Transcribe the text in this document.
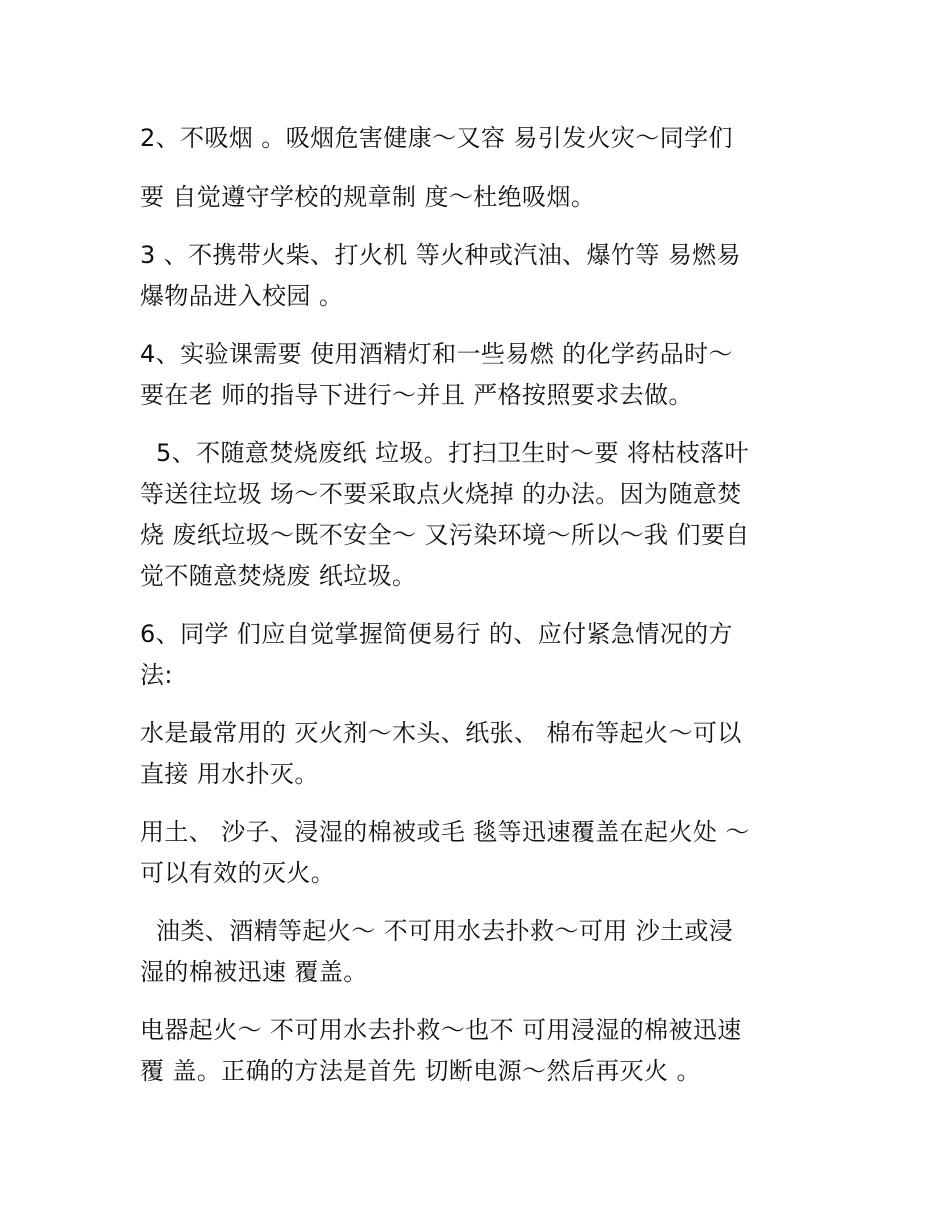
2、不吸烟 。吸烟危害健康～又容 易引发火灾～同学们
要 自觉遵守学校的规章制 度～杜绝吸烟。

3 、不携带火柴、打火机 等火种或汽油、爆竹等 易燃易
爆物品进入校园 。

4、实验课需要 使用酒精灯和一些易燃 的化学药品时～
要在老 师的指导下进行～并且 严格按照要求去做。

5、不随意焚烧废纸 垃圾。打扫卫生时～要 将枯枝落叶
等送往垃圾 场～不要采取点火烧掉 的办法。因为随意焚
烧 废纸垃圾～既不安全～ 又污染环境～所以～我 们要自
觉不随意焚烧废 纸垃圾。

6、同学 们应自觉掌握简便易行 的、应付紧急情况的方
法:

水是最常用的 灭火剂～木头、纸张、 棉布等起火～可以
直接 用水扑灭。

用土、 沙子、浸湿的棉被或毛 毯等迅速覆盖在起火处 ～
可以有效的灭火。

油类、酒精等起火～ 不可用水去扑救～可用 沙土或浸
湿的棉被迅速 覆盖。

电器起火～ 不可用水去扑救～也不 可用浸湿的棉被迅速
覆 盖。正确的方法是首先 切断电源～然后再灭火 。
